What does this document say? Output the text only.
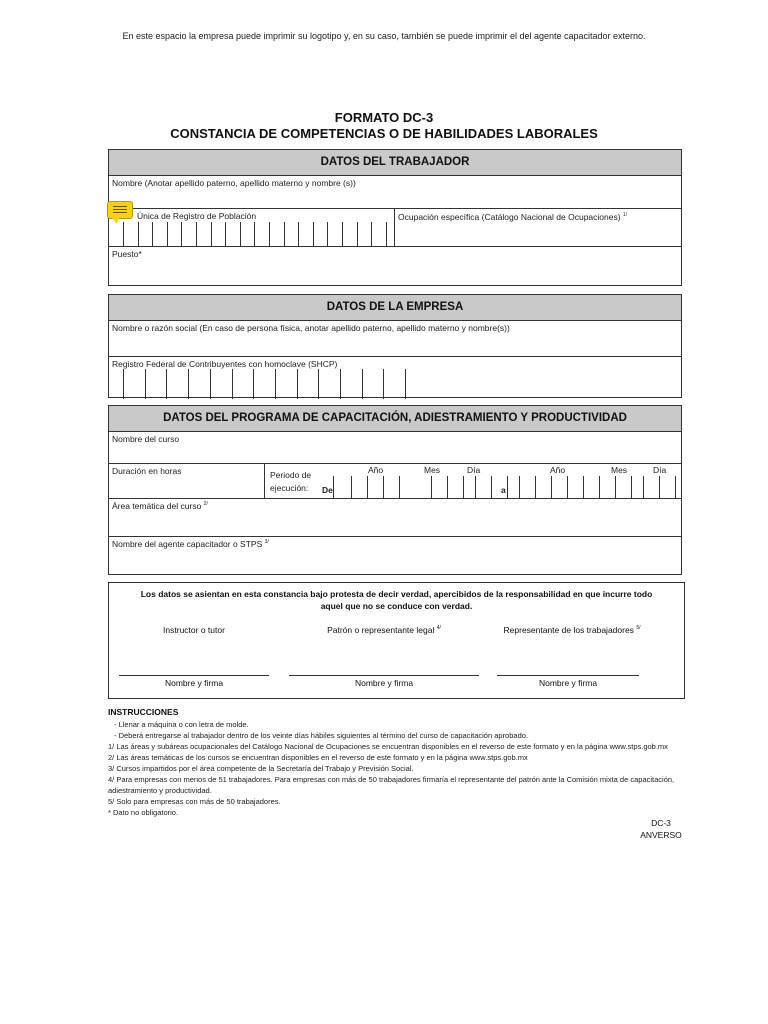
En este espacio la empresa puede imprimir su logotipo y, en su caso, también se puede imprimir el del agente capacitador externo.
FORMATO DC-3
CONSTANCIA DE COMPETENCIAS O DE HABILIDADES LABORALES
DATOS DEL TRABAJADOR
Nombre (Anotar apellido paterno, apellido materno y nombre (s))
Única de Registro de Población	Ocupación específica (Catálogo Nacional de Ocupaciones) $^{1/}$
Puesto*
DATOS DE LA EMPRESA
Nombre o razón social (En caso de persona física, anotar apellido paterno, apellido materno y nombre(s))
Registro Federal de Contribuyentes con homoclave (SHCP)
DATOS DEL PROGRAMA DE CAPACITACIÓN, ADIESTRAMIENTO Y PRODUCTIVIDAD
Nombre del curso
Duración en horas	Periodo de
ejecución: De
Año	Mes	Día
a
Año	Mes	Día
Área temática del curso $^{2/}$
Nombre del agente capacitador o STPS $^{3/}$
Los datos se asientan en esta constancia bajo protesta de decir verdad, apercibidos de la responsabilidad en que incurre todo
aquel que no se conduce con verdad.
Instructor o tutor	Patrón o representante legal $^{4/}$	Representante de los trabajadores $^{5/}$
Nombre y firma	Nombre y firma	Nombre y firma
INSTRUCCIONES
- Llenar a máquina o con letra de molde.
- Deberá entregarse al trabajador dentro de los veinte días hábiles siguientes al término del curso de capacitación aprobado.
1/ Las áreas y subáreas ocupacionales del Catálogo Nacional de Ocupaciones se encuentran disponibles en el reverso de este formato y en la página www.stps.gob.mx
2/ Las áreas temáticas de los cursos se encuentran disponibles en el reverso de este formato y en la página www.stps.gob.mx
3/ Cursos impartidos por el área competente de la Secretaría del Trabajo y Previsión Social.
4/ Para empresas con menos de 51 trabajadores. Para empresas con más de 50 trabajadores firmaría el representante del patrón ante la Comisión mixta de capacitación,
adiestramiento y productividad.
5/ Solo para empresas con más de 50 trabajadores.
* Dato no obligatorio.
DC-3
ANVERSO
